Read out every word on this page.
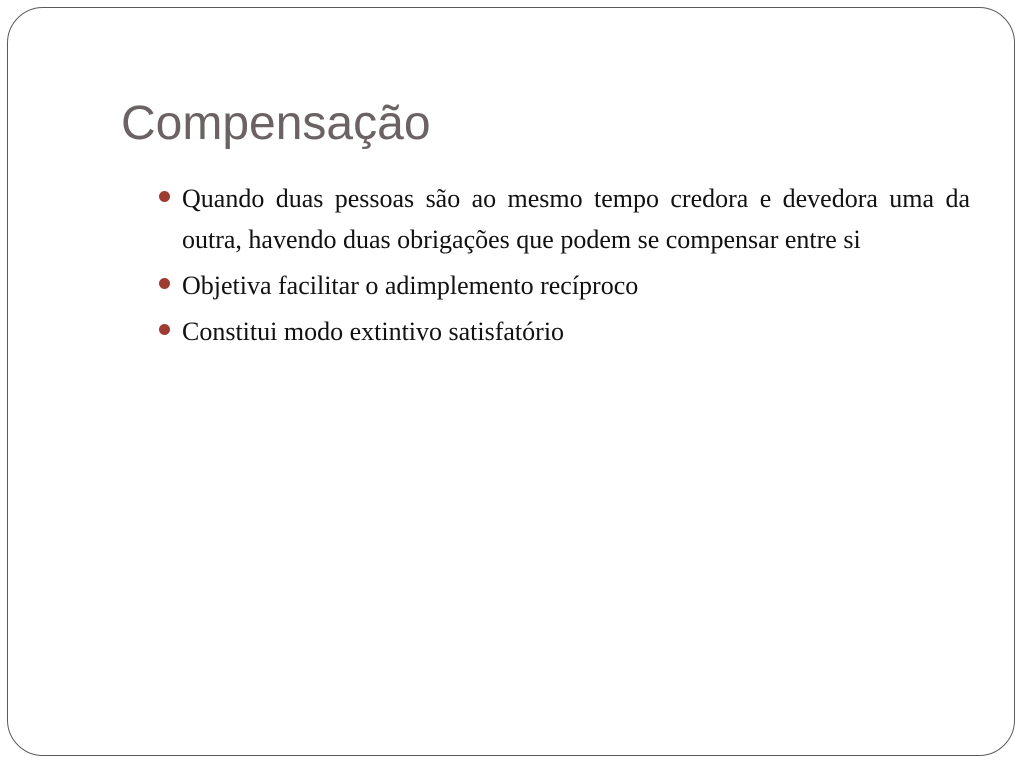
Compensação
Quando duas pessoas são ao mesmo tempo credora e devedora uma da outra, havendo duas obrigações que podem se compensar entre si
Objetiva facilitar o adimplemento recíproco
Constitui modo extintivo satisfatório
